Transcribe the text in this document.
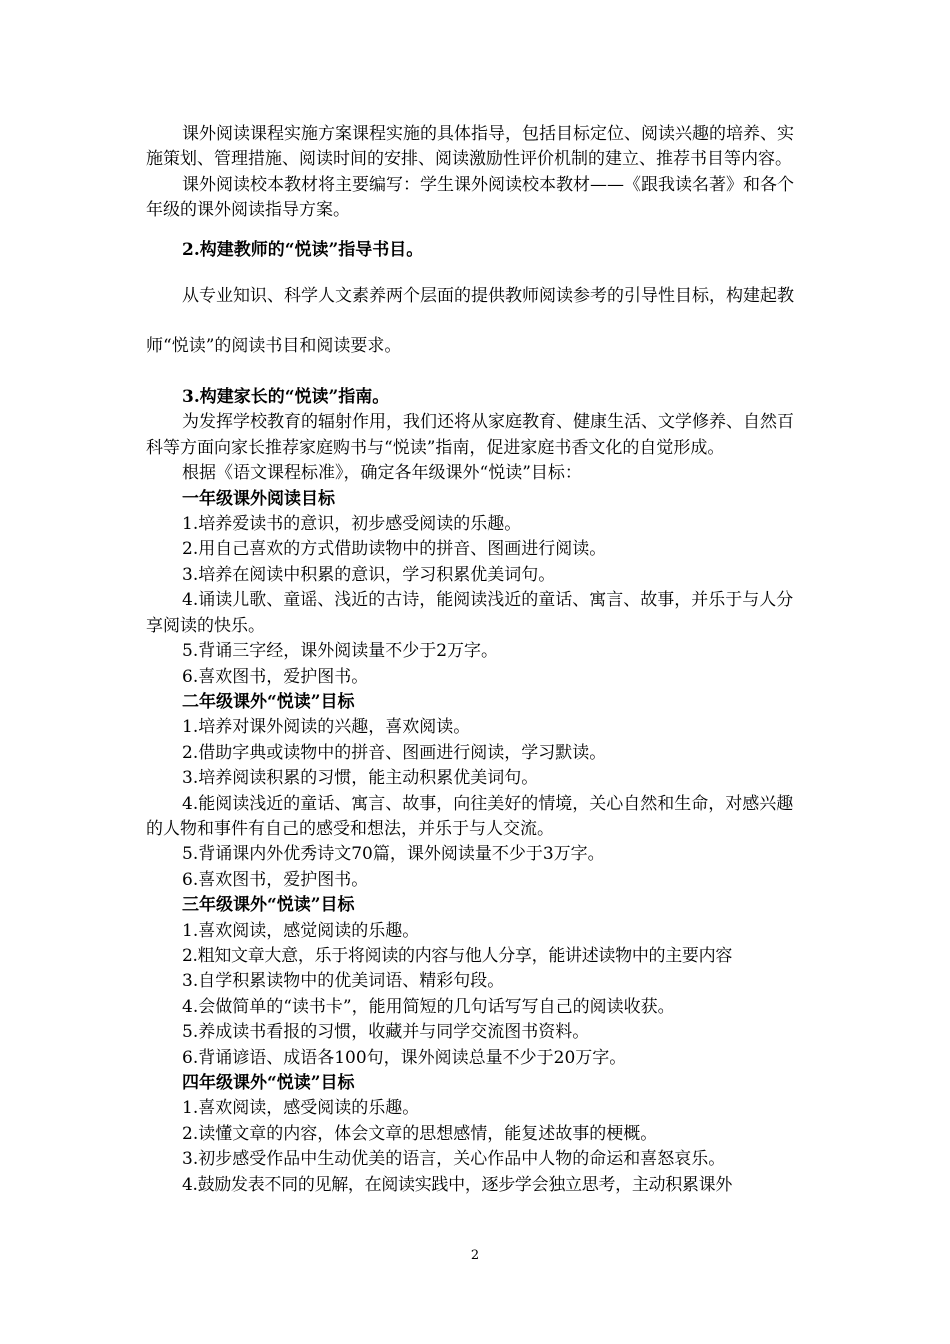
课外阅读课程实施方案课程实施的具体指导，包括目标定位、阅读兴趣的培养、实施策划、管理措施、阅读时间的安排、阅读激励性评价机制的建立、推荐书目等内容。

课外阅读校本教材将主要编写：学生课外阅读校本教材——《跟我读名著》和各个年级的课外阅读指导方案。

2.构建教师的“悦读”指导书目。

从专业知识、科学人文素养两个层面的提供教师阅读参考的引导性目标，构建起教师“悦读”的阅读书目和阅读要求。

3.构建家长的“悦读”指南。

为发挥学校教育的辐射作用，我们还将从家庭教育、健康生活、文学修养、自然百科等方面向家长推荐家庭购书与“悦读”指南，促进家庭书香文化的自觉形成。

根据《语文课程标准》，确定各年级课外“悦读”目标：

一年级课外阅读目标

1.培养爱读书的意识，初步感受阅读的乐趣。

2.用自己喜欢的方式借助读物中的拼音、图画进行阅读。

3.培养在阅读中积累的意识，学习积累优美词句。

4.诵读儿歌、童谣、浅近的古诗，能阅读浅近的童话、寓言、故事，并乐于与人分享阅读的快乐。

5.背诵三字经，课外阅读量不少于2万字。

6.喜欢图书，爱护图书。

二年级课外“悦读”目标

1.培养对课外阅读的兴趣，喜欢阅读。

2.借助字典或读物中的拼音、图画进行阅读，学习默读。

3.培养阅读积累的习惯，能主动积累优美词句。

4.能阅读浅近的童话、寓言、故事，向往美好的情境，关心自然和生命，对感兴趣的人物和事件有自己的感受和想法，并乐于与人交流。

5.背诵课内外优秀诗文70篇，课外阅读量不少于3万字。

6.喜欢图书，爱护图书。

三年级课外“悦读”目标

1.喜欢阅读，感觉阅读的乐趣。

2.粗知文章大意，乐于将阅读的内容与他人分享，能讲述读物中的主要内容

3.自学积累读物中的优美词语、精彩句段。

4.会做简单的“读书卡”，能用简短的几句话写写自己的阅读收获。

5.养成读书看报的习惯，收藏并与同学交流图书资料。

6.背诵谚语、成语各100句，课外阅读总量不少于20万字。

四年级课外“悦读”目标

1.喜欢阅读，感受阅读的乐趣。

2.读懂文章的内容，体会文章的思想感情，能复述故事的梗概。

3.初步感受作品中生动优美的语言，关心作品中人物的命运和喜怒哀乐。

4.鼓励发表不同的见解，在阅读实践中，逐步学会独立思考，主动积累课外

2
